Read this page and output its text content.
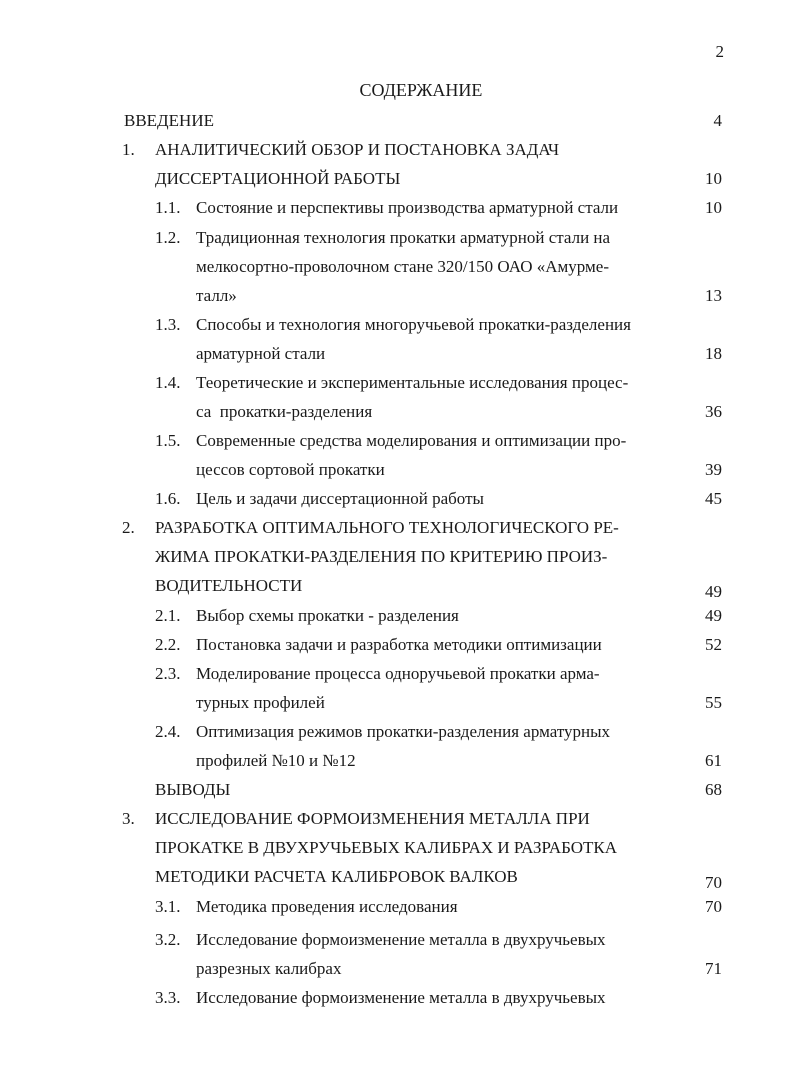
2
СОДЕРЖАНИЕ
ВВЕДЕНИЕ	4
1. АНАЛИТИЧЕСКИЙ ОБЗОР И ПОСТАНОВКА ЗАДАЧ
ДИССЕРТАЦИОННОЙ РАБОТЫ	10
1.1. Состояние и перспективы производства арматурной стали	10
1.2. Традиционная технология прокатки арматурной стали на
мелкосортно-проволочном стане 320/150 ОАО «Амурме-
талл»	13
1.3. Способы и технология многоручьевой прокатки-разделения
арматурной стали	18
1.4. Теоретические и экспериментальные исследования процес-
са  прокатки-разделения	36
1.5. Современные средства моделирования и оптимизации про-
цессов сортовой прокатки	39
1.6. Цель и задачи диссертационной работы	45
2. РАЗРАБОТКА ОПТИМАЛЬНОГО ТЕХНОЛОГИЧЕСКОГО РЕ-
ЖИМА ПРОКАТКИ-РАЗДЕЛЕНИЯ ПО КРИТЕРИЮ ПРОИЗ-
ВОДИТЕЛЬНОСТИ	49
2.1. Выбор схемы прокатки - разделения	49
2.2. Постановка задачи и разработка методики оптимизации	52
2.3. Моделирование процесса одноручьевой прокатки арма-
турных профилей	55
2.4. Оптимизация режимов прокатки-разделения арматурных
профилей №10 и №12	61
ВЫВОДЫ	68
3. ИССЛЕДОВАНИЕ ФОРМОИЗМЕНЕНИЯ МЕТАЛЛА ПРИ
ПРОКАТКЕ В ДВУХРУЧЬЕВЫХ КАЛИБРАХ И РАЗРАБОТКА
МЕТОДИКИ РАСЧЕТА КАЛИБРОВОК ВАЛКОВ	70
3.1. Методика проведения исследования	70
3.2. Исследование формоизменение металла в двухручьевых
разрезных калибрах	71
3.3. Исследование формоизменение металла в двухручьевых
